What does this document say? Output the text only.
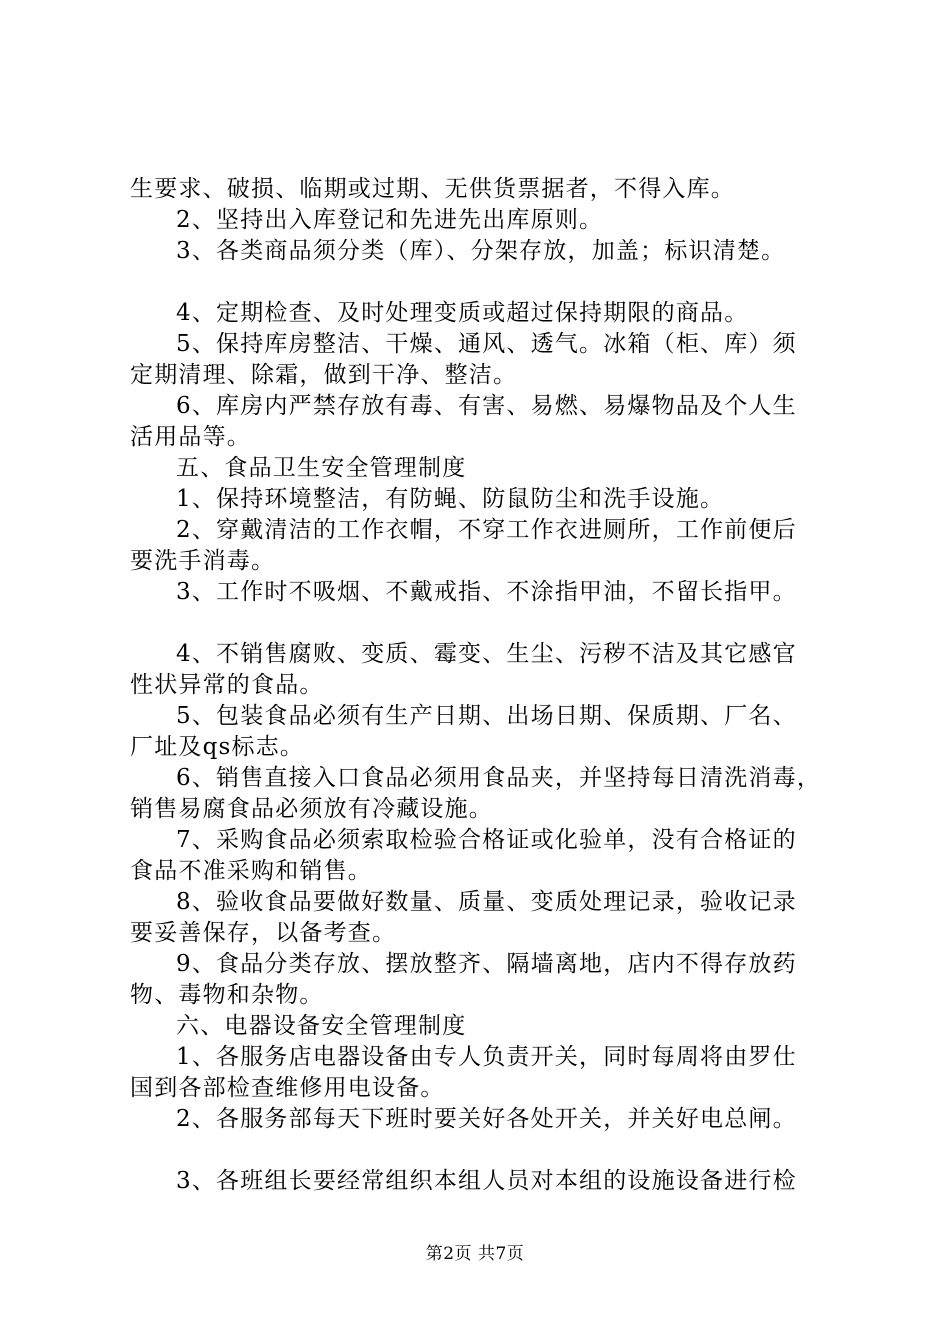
生要求、破损、临期或过期、无供货票据者，不得入库。
2、坚持出入库登记和先进先出库原则。
3、各类商品须分类（库）、分架存放，加盖；标识清楚。
4、定期检查、及时处理变质或超过保持期限的商品。
5、保持库房整洁、干燥、通风、透气。冰箱（柜、库）须
定期清理、除霜，做到干净、整洁。
6、库房内严禁存放有毒、有害、易燃、易爆物品及个人生
活用品等。
五、食品卫生安全管理制度
1、保持环境整洁，有防蝇、防鼠防尘和洗手设施。
2、穿戴清洁的工作衣帽，不穿工作衣进厕所，工作前便后
要洗手消毒。
3、工作时不吸烟、不戴戒指、不涂指甲油，不留长指甲。
4、不销售腐败、变质、霉变、生尘、污秽不洁及其它感官
性状异常的食品。
5、包装食品必须有生产日期、出场日期、保质期、厂名、
厂址及qs标志。
6、销售直接入口食品必须用食品夹，并坚持每日清洗消毒，
销售易腐食品必须放有冷藏设施。
7、采购食品必须索取检验合格证或化验单，没有合格证的
食品不准采购和销售。
8、验收食品要做好数量、质量、变质处理记录，验收记录
要妥善保存，以备考查。
9、食品分类存放、摆放整齐、隔墙离地，店内不得存放药
物、毒物和杂物。
六、电器设备安全管理制度
1、各服务店电器设备由专人负责开关，同时每周将由罗仕
国到各部检查维修用电设备。
2、各服务部每天下班时要关好各处开关，并关好电总闸。
3、各班组长要经常组织本组人员对本组的设施设备进行检
第2页 共7页
